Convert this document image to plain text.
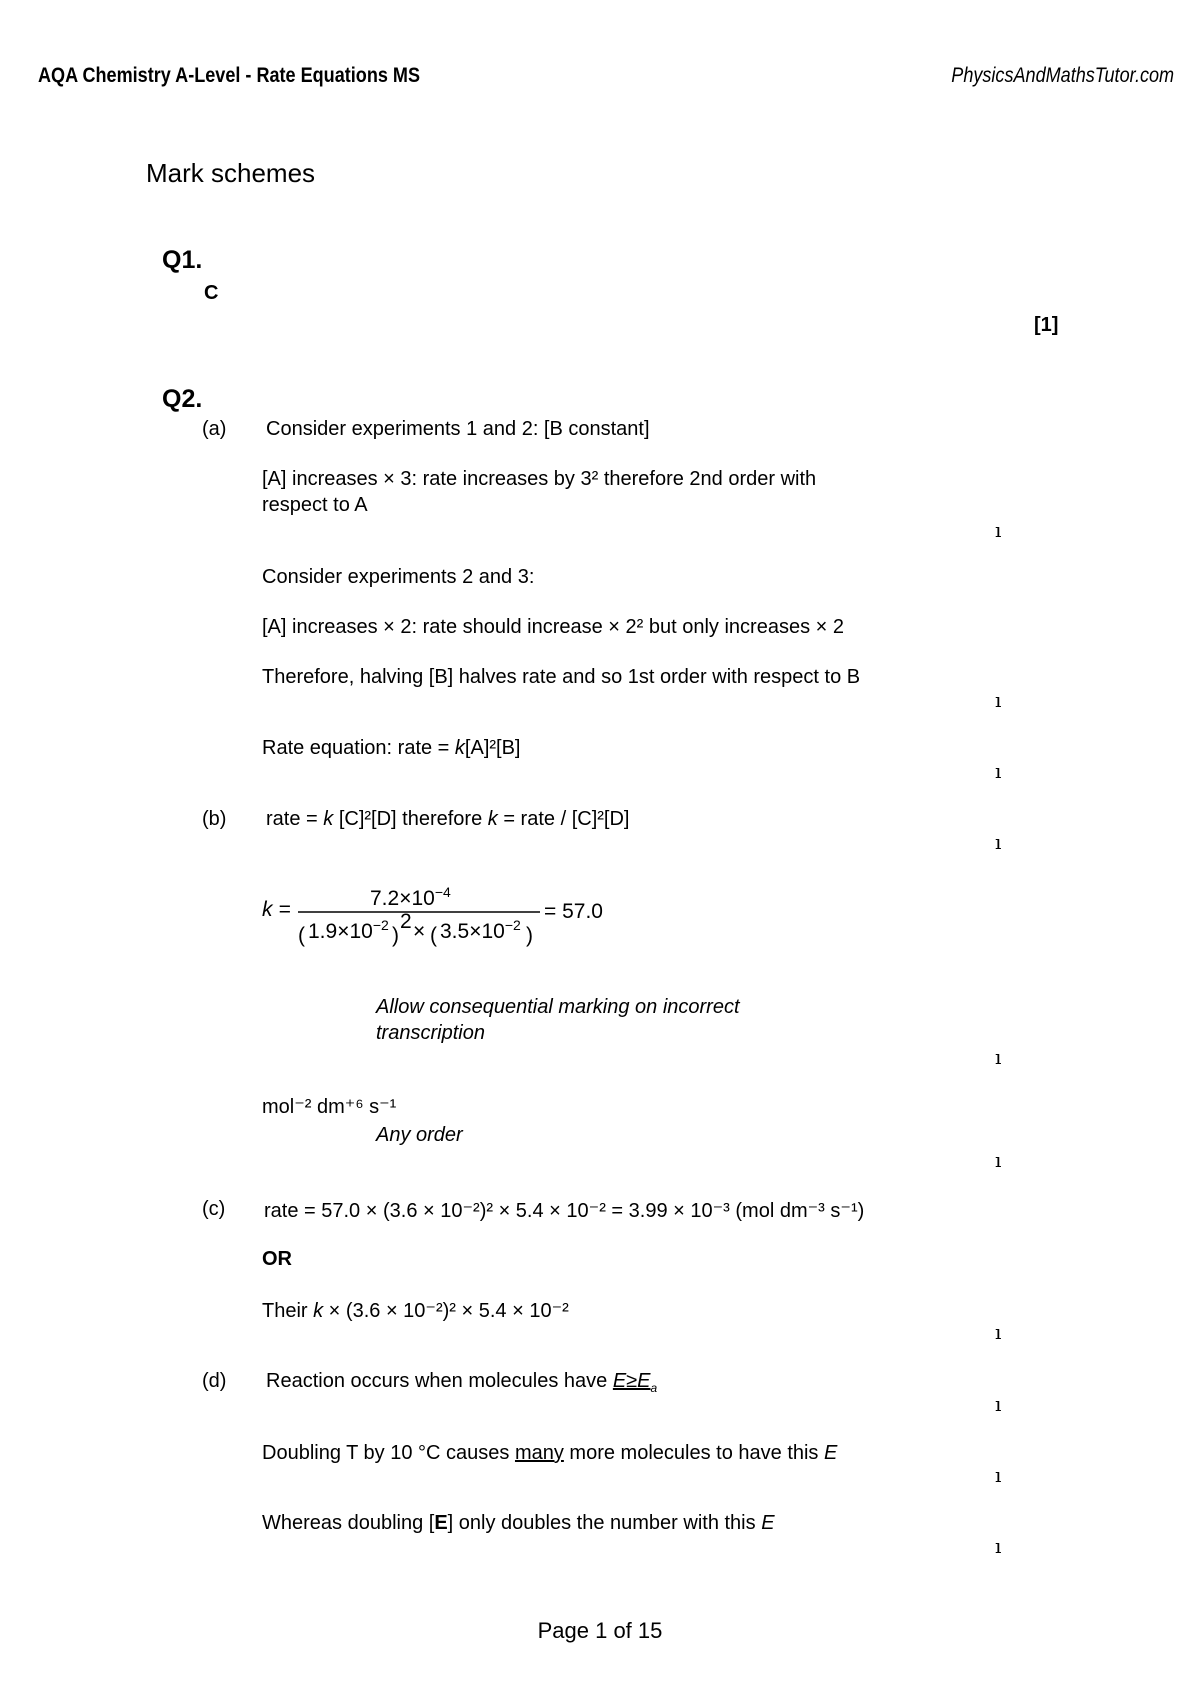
AQA Chemistry A-Level - Rate Equations MS	PhysicsAndMathsTutor.com
Mark schemes
Q1.
C
[1]
Q2.
(a) Consider experiments 1 and 2: [B constant]
[A] increases × 3: rate increases by 3² therefore 2nd order with
respect to A
ı
Consider experiments 2 and 3:
[A] increases × 2: rate should increase × 2² but only increases × 2
Therefore, halving [B] halves rate and so 1st order with respect to B
ı
Rate equation: rate = k[A]²[B]
ı
(b) rate = k [C]²[D] therefore k = rate / [C]²[D]
ı
k =	$7.2\times 10^{-4}$
( $1.9\times 10^{-2}$ )
2 × ( $3.5\times 10^{-2}$ )
= 57.0
Allow consequential marking on incorrect
transcription
ı
mol⁻² dm⁺⁶ s⁻¹
Any order
ı
(c) rate = 57.0 × (3.6 × 10⁻²)² × 5.4 × 10⁻² = 3.99 × 10⁻³ (mol dm⁻³ s⁻¹)
OR
Their k × (3.6 × 10⁻²)² × 5.4 × 10⁻²
ı
(d) Reaction occurs when molecules have $E\ge E_a$
ı
Doubling T by 10 °C causes many more molecules to have this E
ı
Whereas doubling [E] only doubles the number with this E
ı
Page 1 of 15
